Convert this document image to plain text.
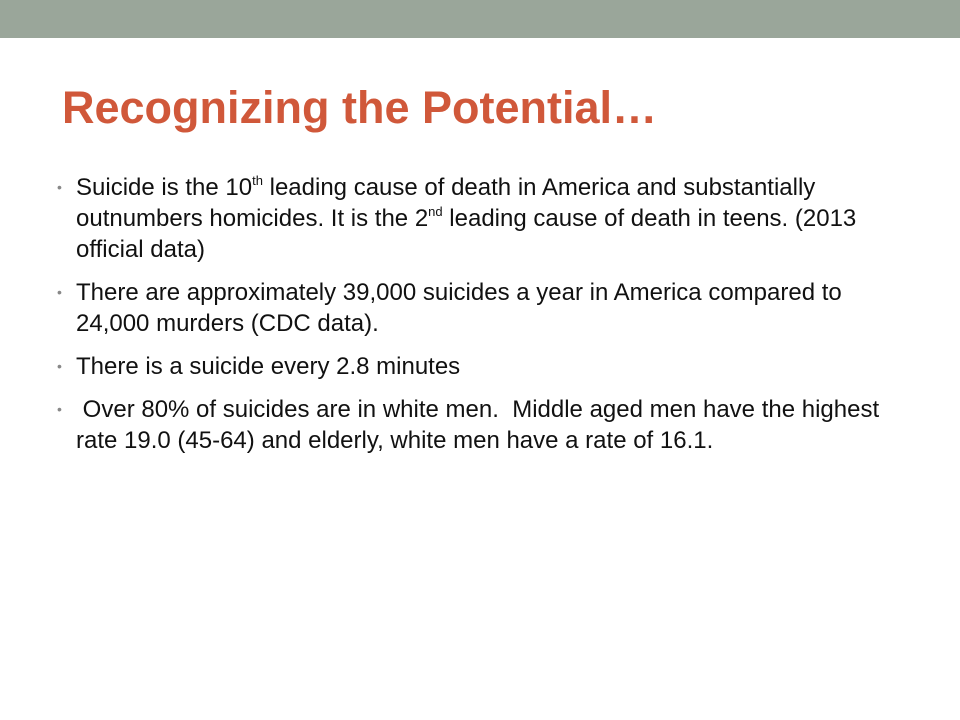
Recognizing the Potential…
• Suicide is the 10th leading cause of death in America and substantially outnumbers homicides. It is the 2nd leading cause of death in teens. (2013 official data)
• There are approximately 39,000 suicides a year in America compared to 24,000 murders (CDC data).
• There is a suicide every 2.8 minutes
• Over 80% of suicides are in white men.  Middle aged men have the highest rate 19.0 (45-64) and elderly, white men have a rate of 16.1.
